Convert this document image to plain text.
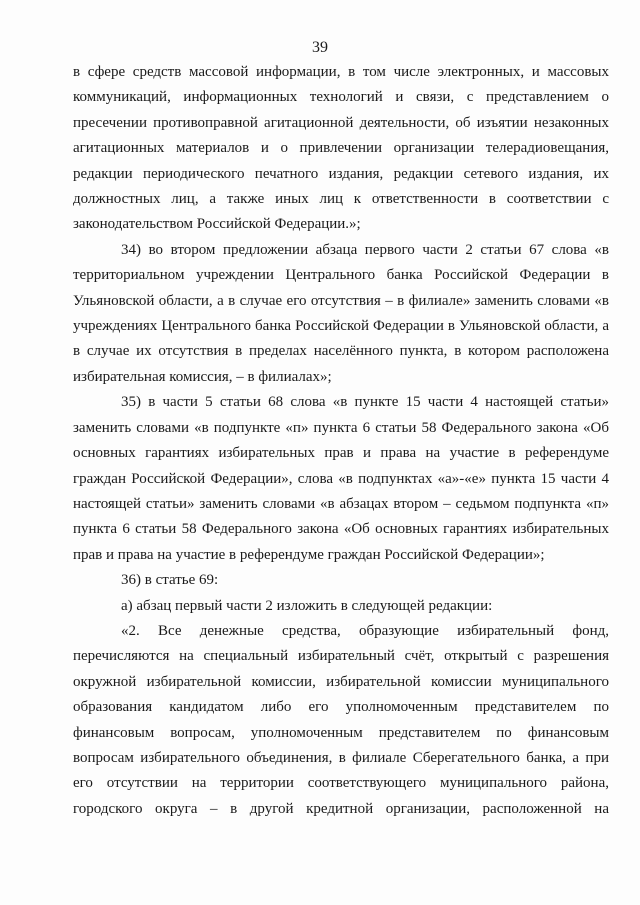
39

в сфере средств массовой информации, в том числе электронных, и массовых коммуникаций, информационных технологий и связи, с представлением о пресечении противоправной агитационной деятельности, об изъятии незаконных агитационных материалов и о привлечении организации телерадиовещания, редакции периодического печатного издания, редакции сетевого издания, их должностных лиц, а также иных лиц к ответственности в соответствии с законодательством Российской Федерации.»;

34) во втором предложении абзаца первого части 2 статьи 67 слова «в территориальном учреждении Центрального банка Российской Федерации в Ульяновской области, а в случае его отсутствия – в филиале» заменить словами «в учреждениях Центрального банка Российской Федерации в Ульяновской области, а в случае их отсутствия в пределах населённого пункта, в котором расположена избирательная комиссия, – в филиалах»;

35) в части 5 статьи 68 слова «в пункте 15 части 4 настоящей статьи» заменить словами «в подпункте «п» пункта 6 статьи 58 Федерального закона «Об основных гарантиях избирательных прав и права на участие в референдуме граждан Российской Федерации», слова «в подпунктах «а»-«е» пункта 15 части 4 настоящей статьи» заменить словами «в абзацах втором – седьмом подпункта «п» пункта 6 статьи 58 Федерального закона «Об основных гарантиях избирательных прав и права на участие в референдуме граждан Российской Федерации»;

36) в статье 69:

а) абзац первый части 2 изложить в следующей редакции:

«2. Все денежные средства, образующие избирательный фонд, перечисляются на специальный избирательный счёт, открытый с разрешения окружной избирательной комиссии, избирательной комиссии муниципального образования кандидатом либо его уполномоченным представителем по финансовым вопросам, уполномоченным представителем по финансовым вопросам избирательного объединения, в филиале Сберегательного банка, а при его отсутствии на территории соответствующего муниципального района, городского округа – в другой кредитной организации, расположенной на
